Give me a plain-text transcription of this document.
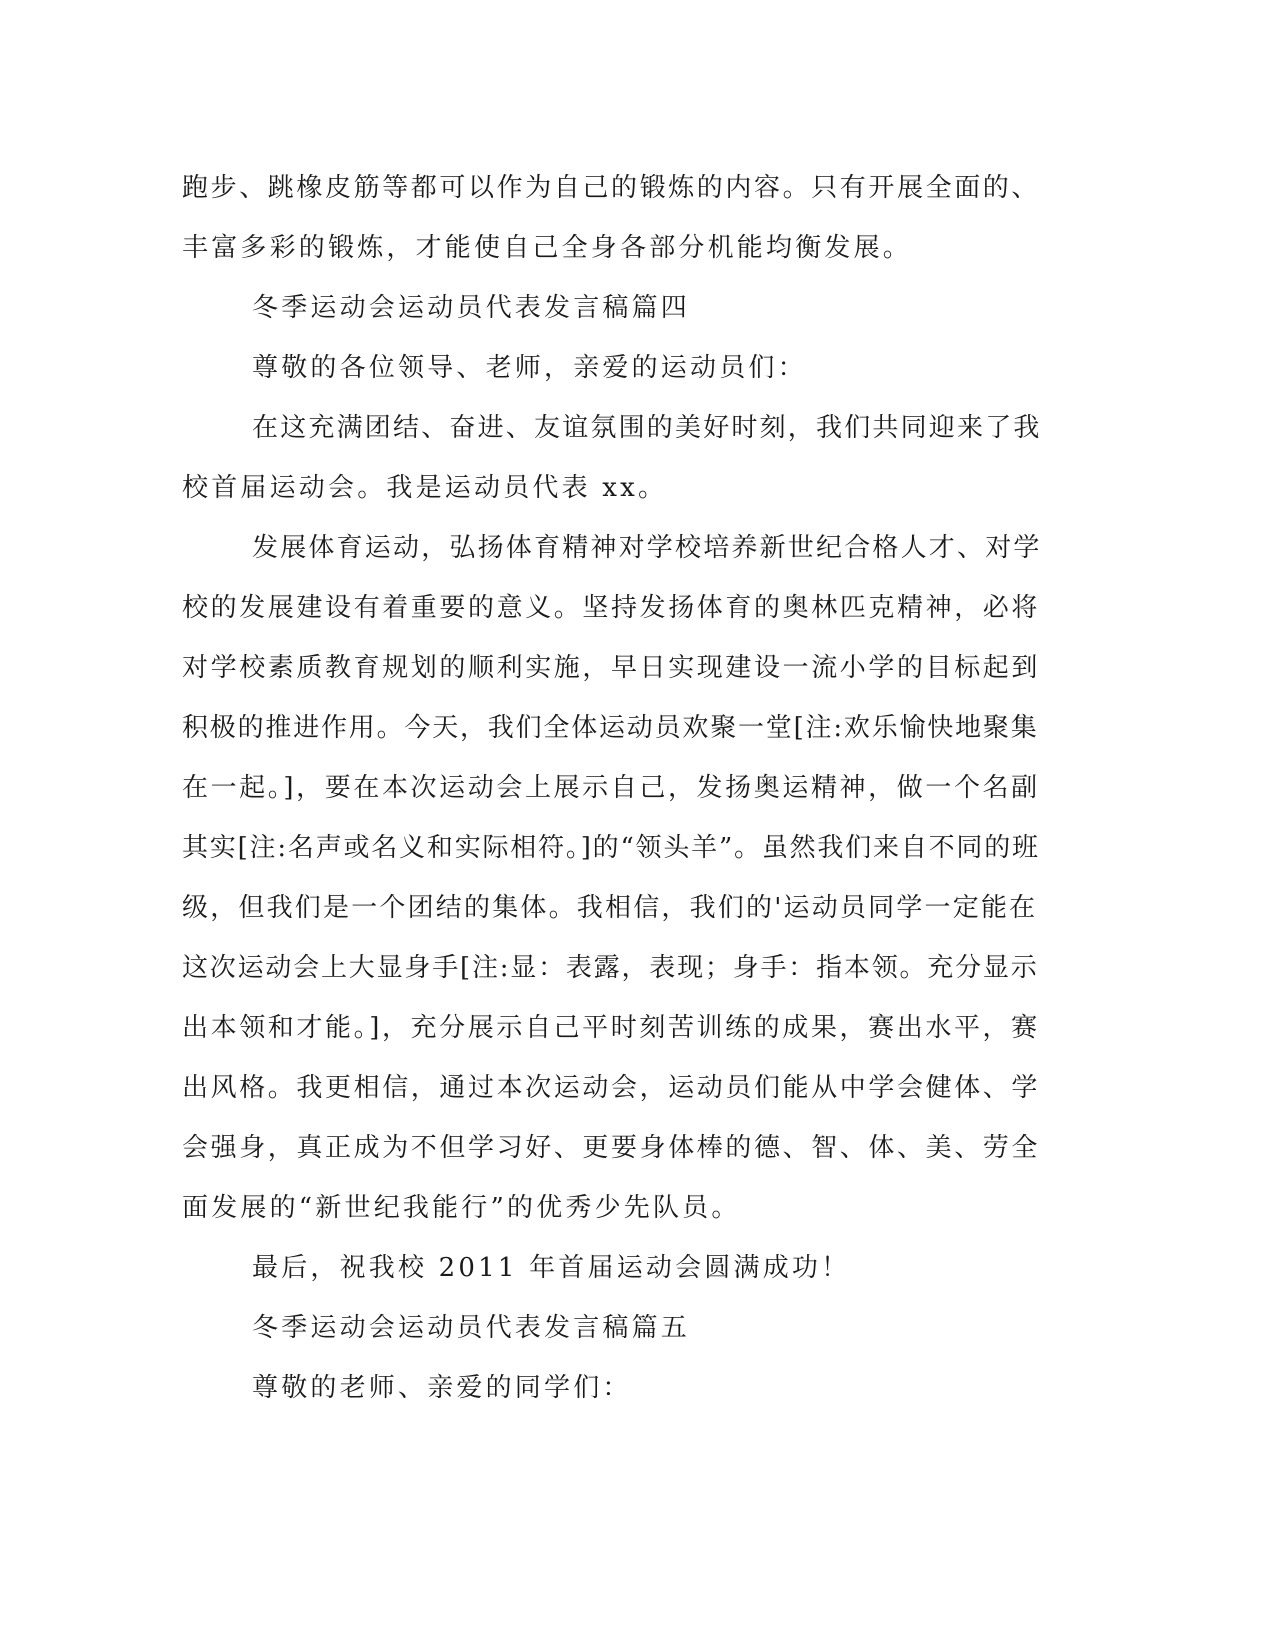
跑步、跳橡皮筋等都可以作为自己的锻炼的内容。只有开展全面的、
丰富多彩的锻炼，才能使自己全身各部分机能均衡发展。
冬季运动会运动员代表发言稿篇四
尊敬的各位领导、老师，亲爱的运动员们：
在这充满团结、奋进、友谊氛围的美好时刻，我们共同迎来了我
校首届运动会。我是运动员代表 xx。
发展体育运动，弘扬体育精神对学校培养新世纪合格人才、对学
校的发展建设有着重要的意义。坚持发扬体育的奥林匹克精神，必将
对学校素质教育规划的顺利实施，早日实现建设一流小学的目标起到
积极的推进作用。今天，我们全体运动员欢聚一堂[注:欢乐愉快地聚集
在一起。]，要在本次运动会上展示自己，发扬奥运精神，做一个名副
其实[注:名声或名义和实际相符。]的“领头羊”。虽然我们来自不同的班
级，但我们是一个团结的集体。我相信，我们的'运动员同学一定能在
这次运动会上大显身手[注:显：表露，表现；身手：指本领。充分显示
出本领和才能。]，充分展示自己平时刻苦训练的成果，赛出水平，赛
出风格。我更相信，通过本次运动会，运动员们能从中学会健体、学
会强身，真正成为不但学习好、更要身体棒的德、智、体、美、劳全
面发展的“新世纪我能行”的优秀少先队员。
最后，祝我校 2011 年首届运动会圆满成功！
冬季运动会运动员代表发言稿篇五
尊敬的老师、亲爱的同学们：
